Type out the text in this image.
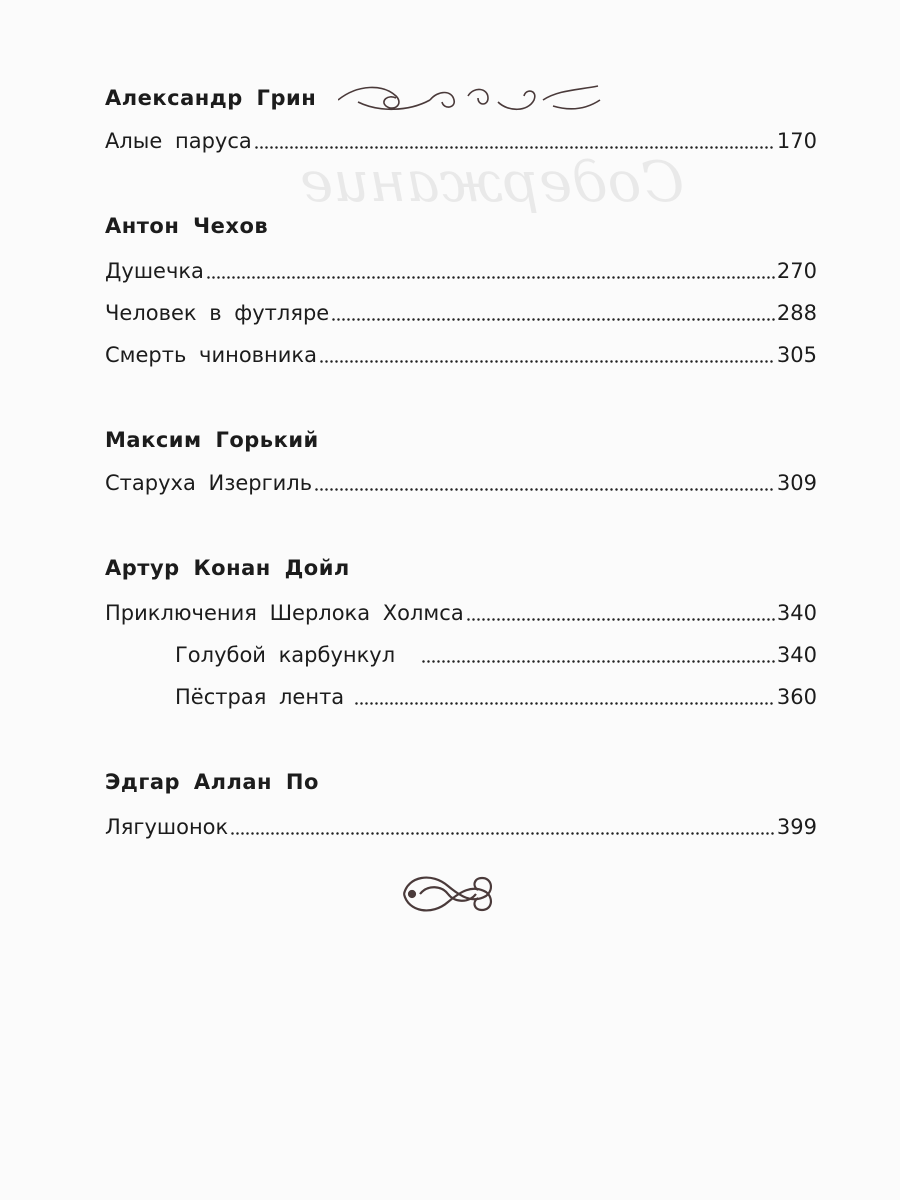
Содержание
Александр Грин
Алые паруса	170
Антон Чехов
Душечка	270
Человек в футляре	288
Смерть чиновника	305
Максим Горький
Старуха Изергиль	309
Артур Конан Дойл
Приключения Шерлока Холмса	340
Голубой карбункул	340
Пёстрая лента	360
Эдгар Аллан По
Лягушонок	399
